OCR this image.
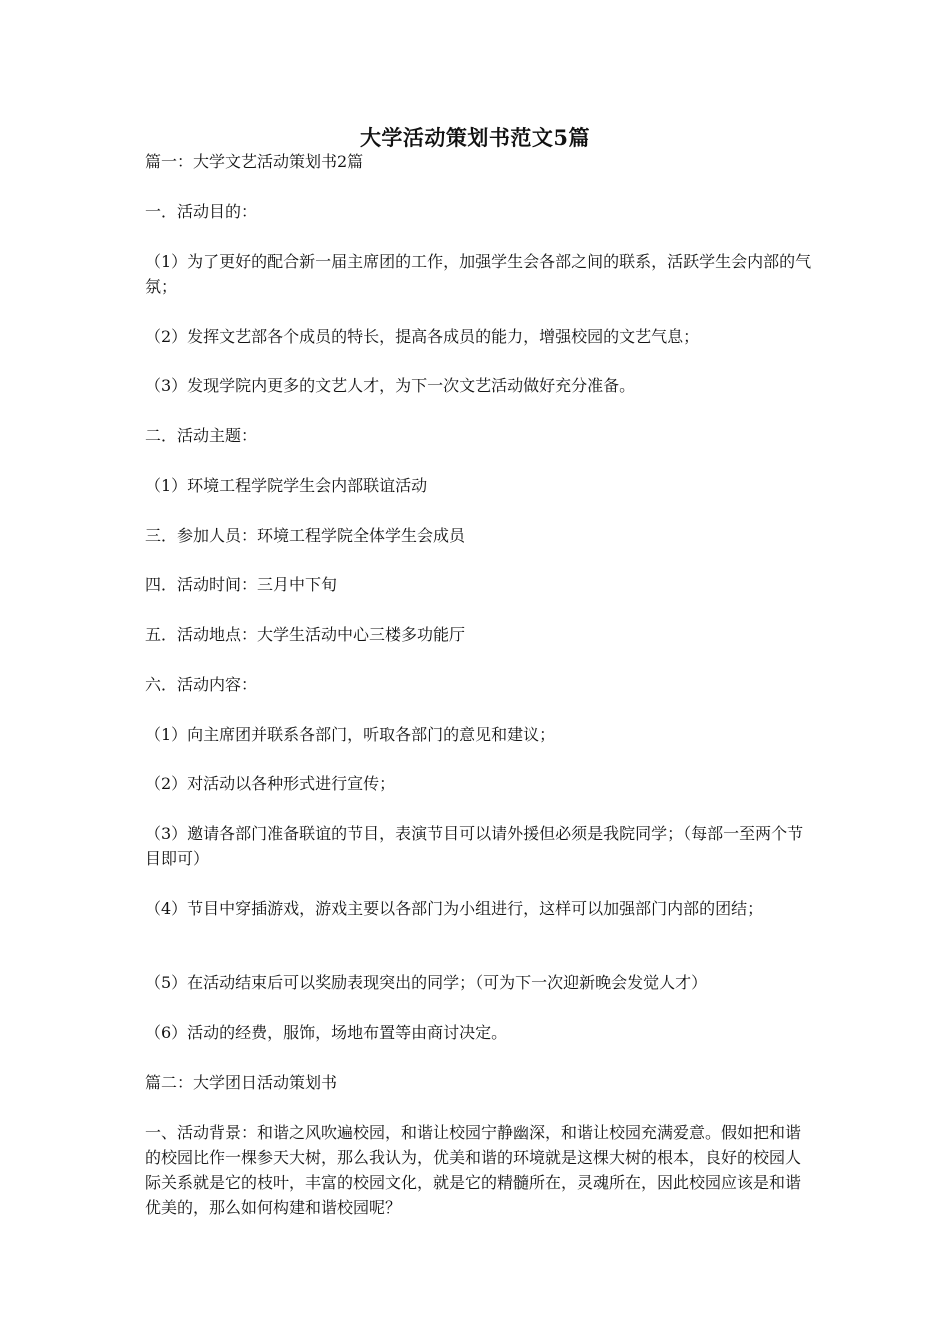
大学活动策划书范文5篇
篇一：大学文艺活动策划书2篇
一．活动目的：
（1）为了更好的配合新一届主席团的工作，加强学生会各部之间的联系，活跃学生会内部的气氛；
（2）发挥文艺部各个成员的特长，提高各成员的能力，增强校园的文艺气息；
（3）发现学院内更多的文艺人才，为下一次文艺活动做好充分准备。
二．活动主题：
（1）环境工程学院学生会内部联谊活动
三．参加人员：环境工程学院全体学生会成员
四．活动时间：三月中下旬
五．活动地点：大学生活动中心三楼多功能厅
六．活动内容：
（1）向主席团并联系各部门，听取各部门的意见和建议；
（2）对活动以各种形式进行宣传；
（3）邀请各部门准备联谊的节目，表演节目可以请外援但必须是我院同学；（每部一至两个节目即可）
（4）节目中穿插游戏，游戏主要以各部门为小组进行，这样可以加强部门内部的团结；
（5）在活动结束后可以奖励表现突出的同学；（可为下一次迎新晚会发觉人才）
（6）活动的经费，服饰，场地布置等由商讨决定。
篇二：大学团日活动策划书
一、活动背景：和谐之风吹遍校园，和谐让校园宁静幽深，和谐让校园充满爱意。假如把和谐的校园比作一棵参天大树，那么我认为，优美和谐的环境就是这棵大树的根本，良好的校园人际关系就是它的枝叶，丰富的校园文化，就是它的精髓所在，灵魂所在，因此校园应该是和谐优美的，那么如何构建和谐校园呢？
